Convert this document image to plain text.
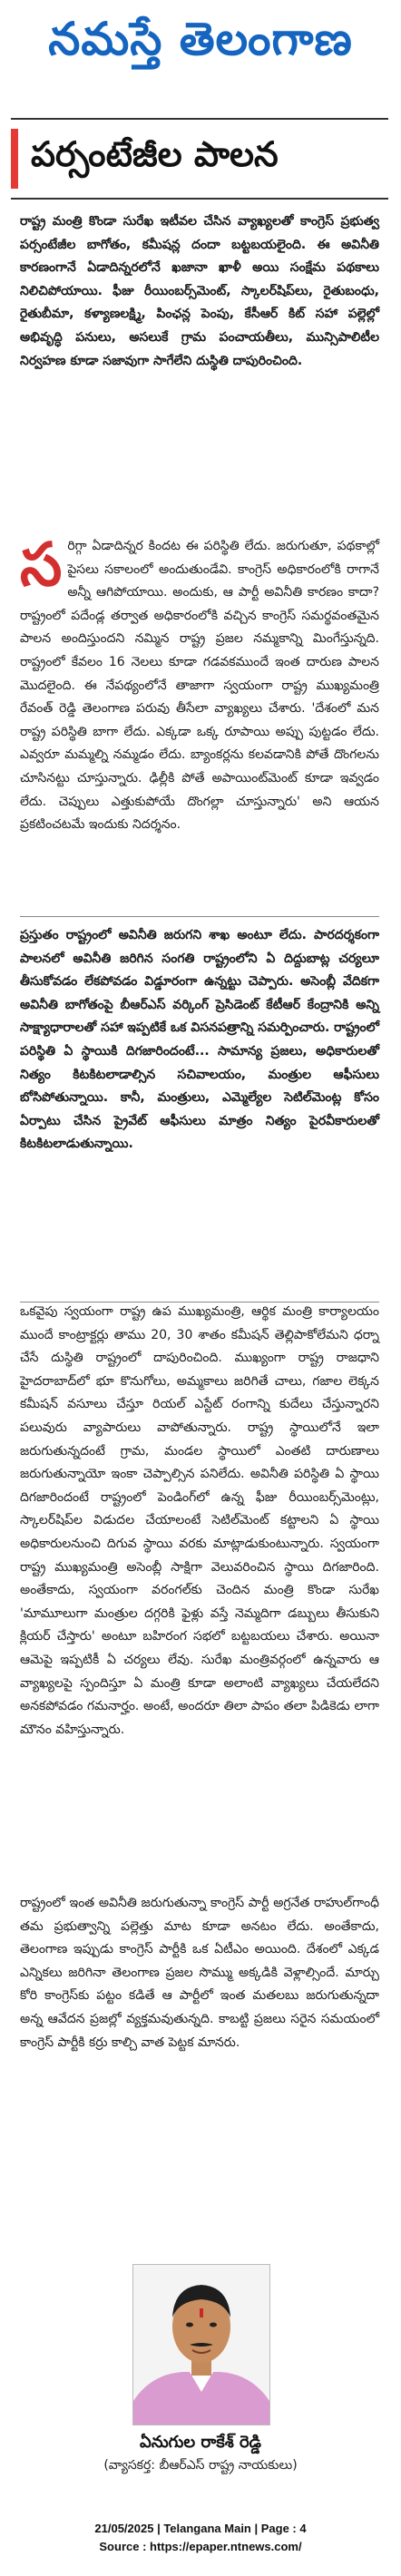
నమస్తే తెలంగాణ
పర్సంటేజీల పాలన

రాష్ట్ర మంత్రి కొండా సురేఖ ఇటీవల చేసిన వ్యాఖ్యలతో కాంగ్రెస్ ప్రభుత్వ పర్సంటేజీల బాగోతం, కమీషన్ల దందా బట్టబయలైంది. ఈ అవినీతి కారణంగానే ఏడాదిన్నరలోనే ఖజానా ఖాళీ అయి సంక్షేమ పథకాలు నిలిచిపోయాయి. ఫీజు రీయింబర్స్‌మెంట్, స్కాలర్‌షిప్‌లు, రైతుబంధు, రైతుబీమా, కళ్యాణలక్ష్మి, పింఛన్ల పెంపు, కేసీఆర్ కిట్ సహా పల్లెల్లో అభివృద్ధి పనులు, అసలుకే గ్రామ పంచాయతీలు, మున్సిపాలిటీల నిర్వహణ కూడా సజావుగా సాగేలేని దుస్థితి దాపురించింది.

స రిగ్గా ఏడాదిన్నర కిందట ఈ పరిస్థితి లేదు. జరుగుతూ, పథకాల్లో పైసలు సకాలంలో అందుతుండేవి. కాంగ్రెస్ అధికారంలోకి రాగానే అన్నీ ఆగిపోయాయి. అందుకు, ఆ పార్టీ అవినీతి కారణం కాదా? రాష్ట్రంలో పదేండ్ల తర్వాత అధికారంలోకి వచ్చిన కాంగ్రెస్ సమర్థవంతమైన పాలన అందిస్తుందని నమ్మిన రాష్ట్ర ప్రజల నమ్మకాన్ని మింగేస్తున్నది. రాష్ట్రంలో కేవలం 16 నెలలు కూడా గడవకముందే ఇంత దారుణ పాలన మొదలైంది. ఈ నేపథ్యంలోనే తాజాగా స్వయంగా రాష్ట్ర ముఖ్యమంత్రి రేవంత్ రెడ్డి తెలంగాణ పరువు తీసేలా వ్యాఖ్యలు చేశారు. 'దేశంలో మన రాష్ట్ర పరిస్థితి బాగా లేదు. ఎక్కడా ఒక్క రూపాయి అప్పు పుట్టడం లేదు. ఎవ్వరూ మమ్మల్ని నమ్మడం లేదు. బ్యాంకర్లను కలవడానికి పోతే దొంగలను చూసినట్టు చూస్తున్నారు. ఢిల్లీకి పోతే అపాయింట్‌మెంట్ కూడా ఇవ్వడం లేదు. చెప్పులు ఎత్తుకుపోయే దొంగల్లా చూస్తున్నారు' అని ఆయన ప్రకటించటమే ఇందుకు నిదర్శనం.

ప్రస్తుతం రాష్ట్రంలో అవినీతి జరుగని శాఖ అంటూ లేదు. పారదర్శకంగా పాలనలో అవినీతి జరిగిన సంగతి రాష్ట్రంలోని ఏ దిద్దుబాట్ల చర్యలూ తీసుకోవడం లేకపోవడం విడ్డూరంగా ఉన్నట్టు చెప్పారు. అసెంబ్లీ వేదికగా అవినీతి బాగోతంపై బీఆర్‌ఎస్ వర్కింగ్ ప్రెసిడెంట్ కేటీఆర్ కేంద్రానికి అన్ని సాక్ష్యాధారాలతో సహా ఇప్పటికే ఒక విసనపత్రాన్ని సమర్పించారు. రాష్ట్రంలో పరిస్థితి ఏ స్థాయికి దిగజారిందంటే... సామాన్య ప్రజలు, అధికారులతో నిత్యం కిటకిటలాడాల్సిన సచివాలయం, మంత్రుల ఆఫీసులు బోసిపోతున్నాయి. కానీ, మంత్రులు, ఎమ్మెల్యేల సెటిల్‌మెంట్ల కోసం ఏర్పాటు చేసిన ప్రైవేట్ ఆఫీసులు మాత్రం నిత్యం పైరవీకారులతో కిటకిటలాడుతున్నాయి.

ఒకవైపు స్వయంగా రాష్ట్ర ఉప ముఖ్యమంత్రి, ఆర్థిక మంత్రి కార్యాలయం ముందే కాంట్రాక్టర్లు తాము 20, 30 శాతం కమీషన్ తెల్లిపాకోలేమని ధర్నా చేసే దుస్థితి రాష్ట్రంలో దాపురించింది. ముఖ్యంగా రాష్ట్ర రాజధాని హైదరాబాద్‌లో భూ కొనుగోలు, అమ్మకాలు జరిగితే చాలు, గజాల లెక్కన కమీషన్ వసూలు చేస్తూ రియల్ ఎస్టేట్ రంగాన్ని కుదేలు చేస్తున్నారని పలువురు వ్యాపారులు వాపోతున్నారు. రాష్ట్ర స్థాయిలోనే ఇలా జరుగుతున్నదంటే గ్రామ, మండల స్థాయిలో ఎంతటి దారుణాలు జరుగుతున్నాయో ఇంకా చెప్పాల్సిన పనిలేదు. అవినీతి పరిస్థితి ఏ స్థాయి దిగజారిందంటే రాష్ట్రంలో పెండింగ్‌లో ఉన్న ఫీజు రీయింబర్స్‌మెంట్లు, స్కాలర్‌షిప్‌ల విడుదల చేయాలంటే సెటిల్‌మెంట్ కట్టాలని ఏ స్థాయి అధికారులనుంచి దిగువ స్థాయి వరకు మాట్లాడుకుంటున్నారు. స్వయంగా రాష్ట్ర ముఖ్యమంత్రి అసెంబ్లీ సాక్షిగా వెలువరించిన స్థాయి దిగజారింది. అంతేకాదు, స్వయంగా వరంగల్‌కు చెందిన మంత్రి కొండా సురేఖ 'మామూలుగా మంత్రుల దగ్గరికి ఫైళ్లు వస్తే నెమ్మదిగా డబ్బులు తీసుకుని క్లియర్ చేస్తారు' అంటూ బహిరంగ సభలో బట్టబయలు చేశారు. అయినా ఆమెపై ఇప్పటికీ ఏ చర్యలు లేవు. సురేఖ మంత్రివర్గంలో ఉన్నవారు ఆ వ్యాఖ్యలపై స్పందిస్తూ ఏ మంత్రి కూడా అలాంటి వ్యాఖ్యలు చేయలేదని అనకపోవడం గమనార్హం. అంటే, అందరూ తిలా పాపం తలా పిడికెడు లాగా మౌనం వహిస్తున్నారు.

రాష్ట్రంలో ఇంత అవినీతి జరుగుతున్నా కాంగ్రెస్ పార్టీ అగ్రనేత రాహుల్‌గాంధీ తమ ప్రభుత్వాన్ని పల్లెత్తు మాట కూడా అనటం లేదు. అంతేకాదు, తెలంగాణ ఇప్పుడు కాంగ్రెస్ పార్టీకి ఒక ఏటీఎం అయింది. దేశంలో ఎక్కడ ఎన్నికలు జరిగినా తెలంగాణ ప్రజల సొమ్ము అక్కడికి వెళ్లాల్సిందే. మార్చు కోరి కాంగ్రెస్‌కు పట్టం కడితే ఆ పార్టీలో ఇంత మతలబు జరుగుతున్నదా అన్న ఆవేదన ప్రజల్లో వ్యక్తమవుతున్నది. కాబట్టి ప్రజలు సరైన సమయంలో కాంగ్రెస్ పార్టీకి కర్రు కాల్చి వాత పెట్టక మానరు.

ఏనుగుల రాకేశ్ రెడ్డి
(వ్యాసకర్త: బీఆర్‌ఎస్ రాష్ట్ర నాయకులు)
21/05/2025 | Telangana Main | Page : 4
Source : https://epaper.ntnews.com/
